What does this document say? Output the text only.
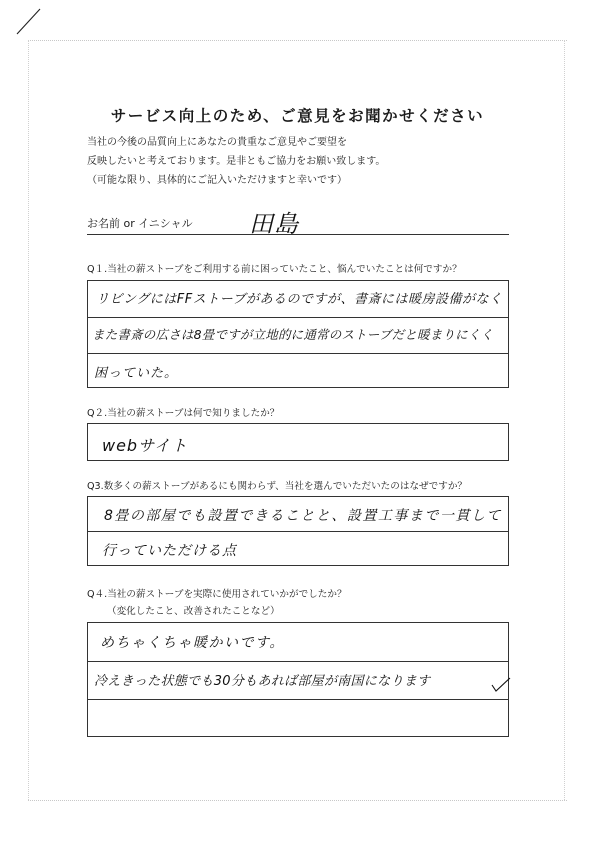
サービス向上のため、ご意見をお聞かせください
当社の今後の品質向上にあなたの貴重なご意見やご要望を
反映したいと考えております。是非ともご協力をお願い致します。
（可能な限り、具体的にご記入いただけますと幸いです）
お名前 or イニシャル 田島
Q１.当社の薪ストーブをご利用する前に困っていたこと、悩んでいたことは何ですか？
リビングにはFFストーブがあるのですが、書斎には暖房設備がなく
また書斎の広さは8畳ですが立地的に通常のストーブだと暖まりにくく
困っていた。
Q２.当社の薪ストーブは何で知りましたか？
webサイト
Q3.数多くの薪ストーブがあるにも関わらず、当社を選んでいただいたのはなぜですか？
8畳の部屋でも設置できることと、設置工事まで一貫して
行っていただける点
Q４.当社の薪ストーブを実際に使用されていかがでしたか？
（変化したこと、改善されたことなど）
めちゃくちゃ暖かいです。
冷えきった状態でも30分もあれば部屋が南国になります
